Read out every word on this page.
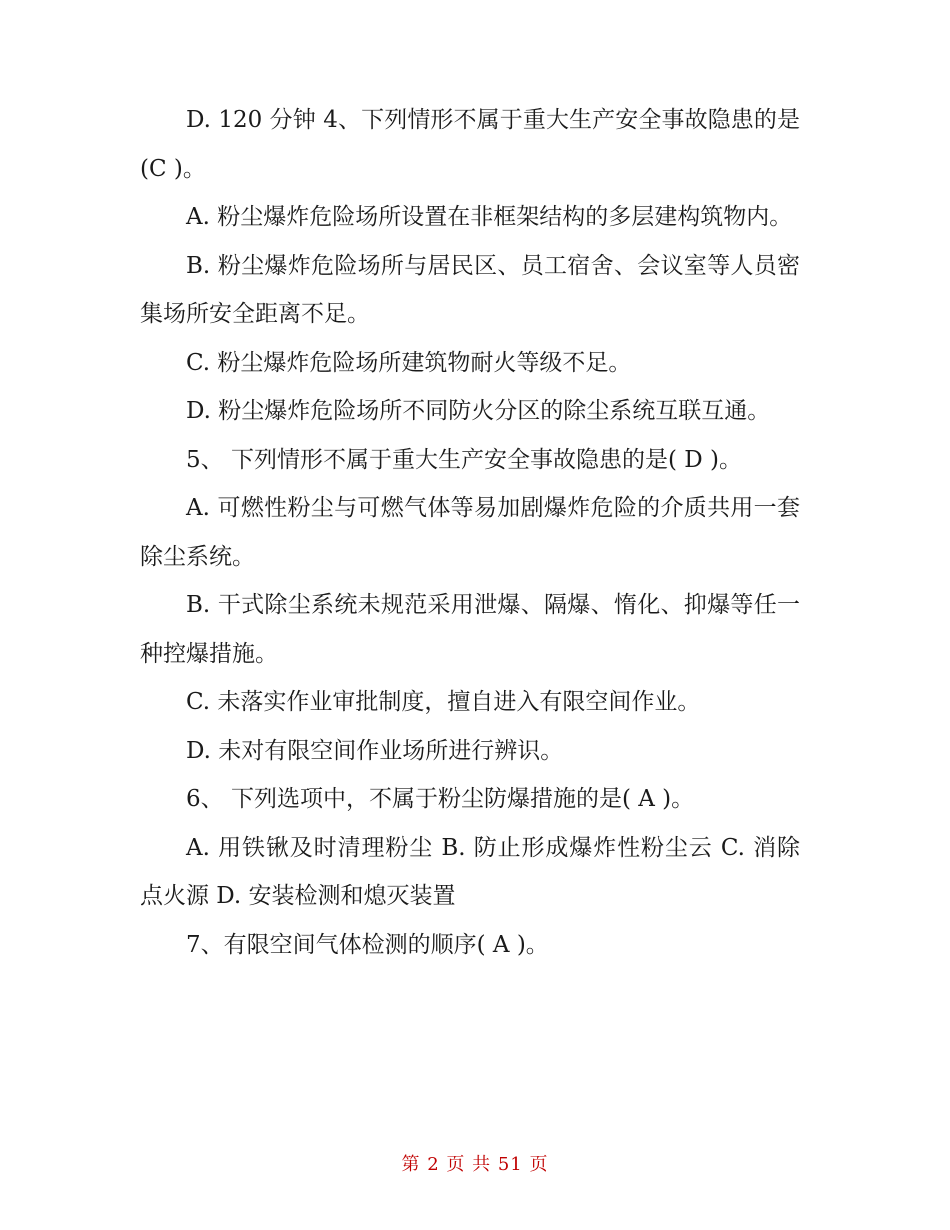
D. 120 分钟 4、下列情形不属于重大生产安全事故隐患的是(C )。

A. 粉尘爆炸危险场所设置在非框架结构的多层建构筑物内。

B. 粉尘爆炸危险场所与居民区、员工宿舍、会议室等人员密集场所安全距离不足。

C. 粉尘爆炸危险场所建筑物耐火等级不足。

D. 粉尘爆炸危险场所不同防火分区的除尘系统互联互通。

5、 下列情形不属于重大生产安全事故隐患的是( D )。

A. 可燃性粉尘与可燃气体等易加剧爆炸危险的介质共用一套除尘系统。

B. 干式除尘系统未规范采用泄爆、隔爆、惰化、抑爆等任一种控爆措施。

C. 未落实作业审批制度，擅自进入有限空间作业。

D. 未对有限空间作业场所进行辨识。

6、 下列选项中，不属于粉尘防爆措施的是( A )。

A. 用铁锹及时清理粉尘 B. 防止形成爆炸性粉尘云 C. 消除点火源 D. 安装检测和熄灭装置

7、有限空间气体检测的顺序( A )。

第 2 页 共 51 页
